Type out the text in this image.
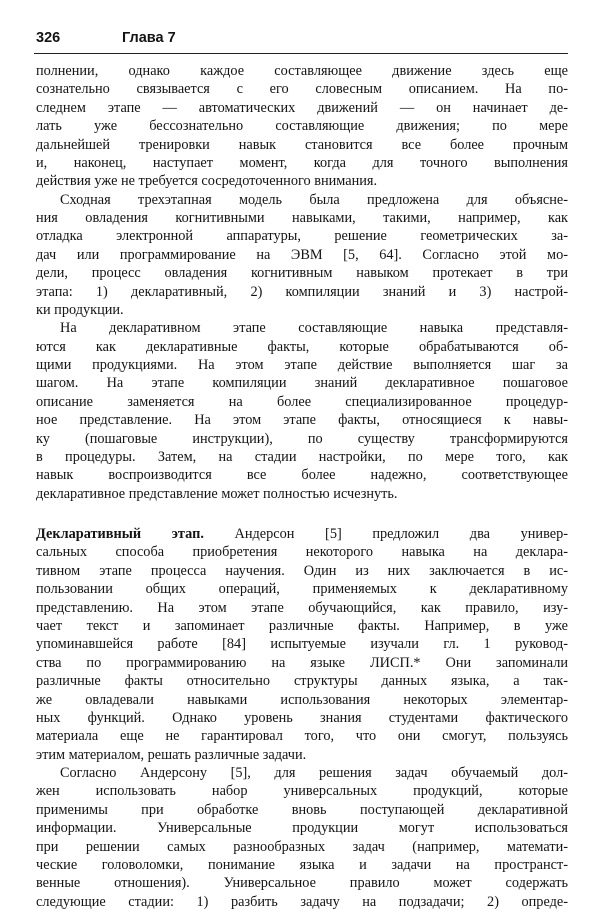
326	Глава 7
полнении, однако каждое составляющее движение здесь еще
сознательно связывается с его словесным описанием. На по-
следнем этапе — автоматических движений — он начинает де-
лать уже бессознательно составляющие движения; по мере
дальнейшей тренировки навык становится все более прочным
и, наконец, наступает момент, когда для точного выполнения
действия уже не требуется сосредоточенного внимания.
Сходная трехэтапная модель была предложена для объясне-
ния овладения когнитивными навыками, такими, например, как
отладка электронной аппаратуры, решение геометрических за-
дач или программирование на ЭВМ [5, 64]. Согласно этой мо-
дели, процесс овладения когнитивным навыком протекает в три
этапа: 1) декларативный, 2) компиляции знаний и 3) настрой-
ки продукции.
На декларативном этапе составляющие навыка представля-
ются как декларативные факты, которые обрабатываются об-
щими продукциями. На этом этапе действие выполняется шаг за
шагом. На этапе компиляции знаний декларативное пошаговое
описание заменяется на более специализированное процедур-
ное представление. На этом этапе факты, относящиеся к навы-
ку (пошаговые инструкции), по существу трансформируются
в процедуры. Затем, на стадии настройки, по мере того, как
навык воспроизводится все более надежно, соответствующее
декларативное представление может полностью исчезнуть.
Декларативный этап. Андерсон [5] предложил два универ-
сальных способа приобретения некоторого навыка на деклара-
тивном этапе процесса научения. Один из них заключается в ис-
пользовании общих операций, применяемых к декларативному
представлению. На этом этапе обучающийся, как правило, изу-
чает текст и запоминает различные факты. Например, в уже
упоминавшейся работе [84] испытуемые изучали гл. 1 руковод-
ства по программированию на языке ЛИСП.* Они запоминали
различные факты относительно структуры данных языка, а так-
же овладевали навыками использования некоторых элементар-
ных функций. Однако уровень знания студентами фактического
материала еще не гарантировал того, что они смогут, пользуясь
этим материалом, решать различные задачи.
Согласно Андерсону [5], для решения задач обучаемый дол-
жен использовать набор универсальных продукций, которые
применимы при обработке вновь поступающей декларативной
информации. Универсальные продукции могут использоваться
при решении самых разнообразных задач (например, математи-
ческие головоломки, понимание языка и задачи на пространст-
венные отношения). Универсальное правило может содержать
следующие стадии: 1) разбить задачу на подзадачи; 2) опреде-
